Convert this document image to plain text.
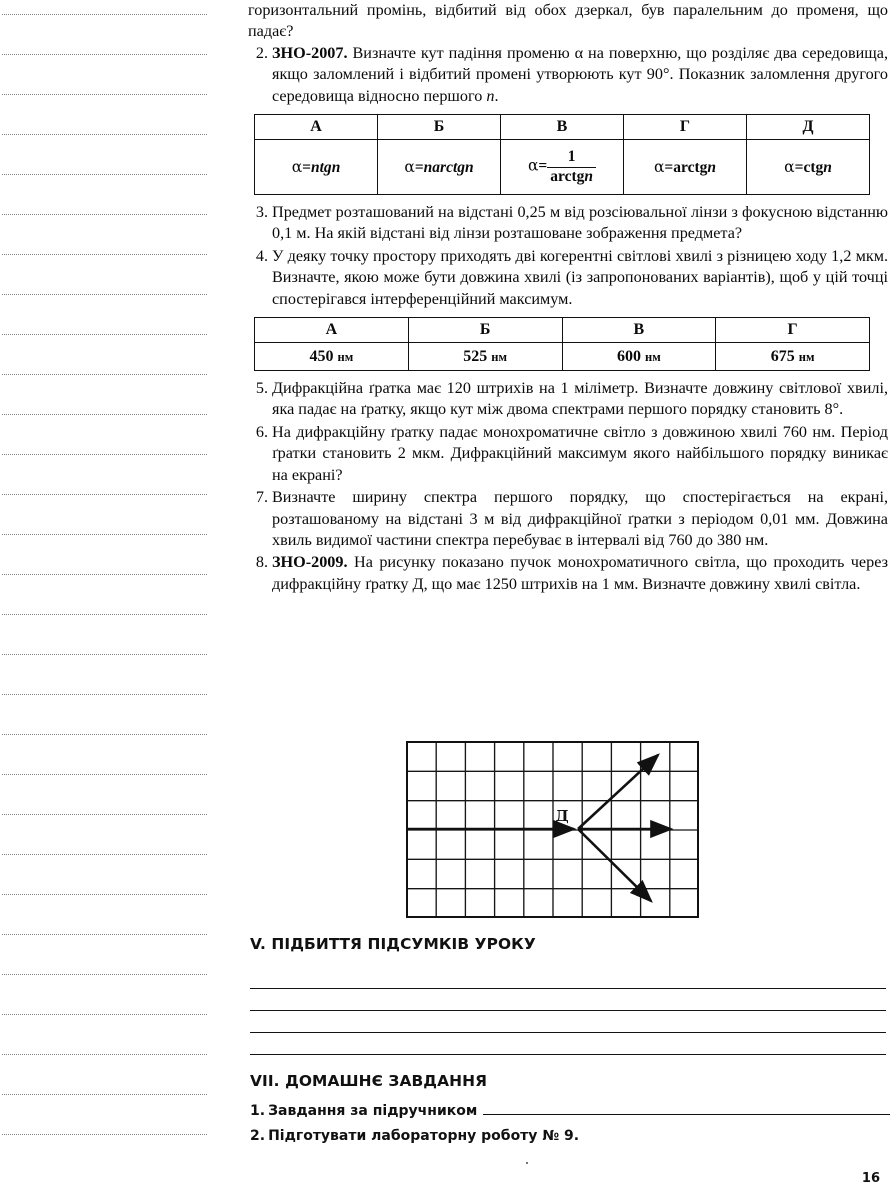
горизонтальний промінь, відбитий від обох дзеркал, був паралельним до променя, що падає?

2. ЗНО-2007. Визначте кут падіння променю α на поверхню, що розділяє два середовища, якщо заломлений і відбитий промені утворюють кут 90°. Показник заломлення другого середовища відносно першого n.
А	Б	В	Г	Д
α=ntgn	α=narctgn	$\alpha= \frac{1}{\text{arctgn}}$	α=arctgn	α=ctgn
3. Предмет розташований на відстані 0,25 м від розсіювальної лінзи з фокусною відстанню 0,1 м. На якій відстані від лінзи розташоване зображення предмета?
4. У деяку точку простору приходять дві когерентні світлові хвилі з різницею ходу 1,2 мкм. Визначте, якою може бути довжина хвилі (із запропонованих варіантів), щоб у цій точці спостерігався інтерференційний максимум.
А	Б	В	Г
450 нм	525 нм	600 нм	675 нм
5. Дифракційна ґратка має 120 штрихів на 1 міліметр. Визначте довжину світлової хвилі, яка падає на ґратку, якщо кут між двома спектрами першого порядку становить 8°.
6. На дифракційну ґратку падає монохроматичне світло з довжиною хвилі 760 нм. Період ґратки становить 2 мкм. Дифракційний максимум якого найбільшого порядку виникає на екрані?
7. Визначте ширину спектра першого порядку, що спостерігається на екрані, розташованому на відстані 3 м від дифракційної ґратки з періодом 0,01 мм. Довжина хвиль видимої частини спектра перебуває в інтервалі від 760 до 380 нм.
8. ЗНО-2009. На рисунку показано пучок монохроматичного світла, що проходить через дифракційну ґратку Д, що має 1250 штрихів на 1 мм. Визначте довжину хвилі світла.
Д
V. ПІДБИТТЯ ПІДСУМКІВ УРОКУ
VII. ДОМАШНЄ ЗАВДАННЯ
1. Завдання за підручником
2. Підготувати лабораторну роботу № 9.
16
